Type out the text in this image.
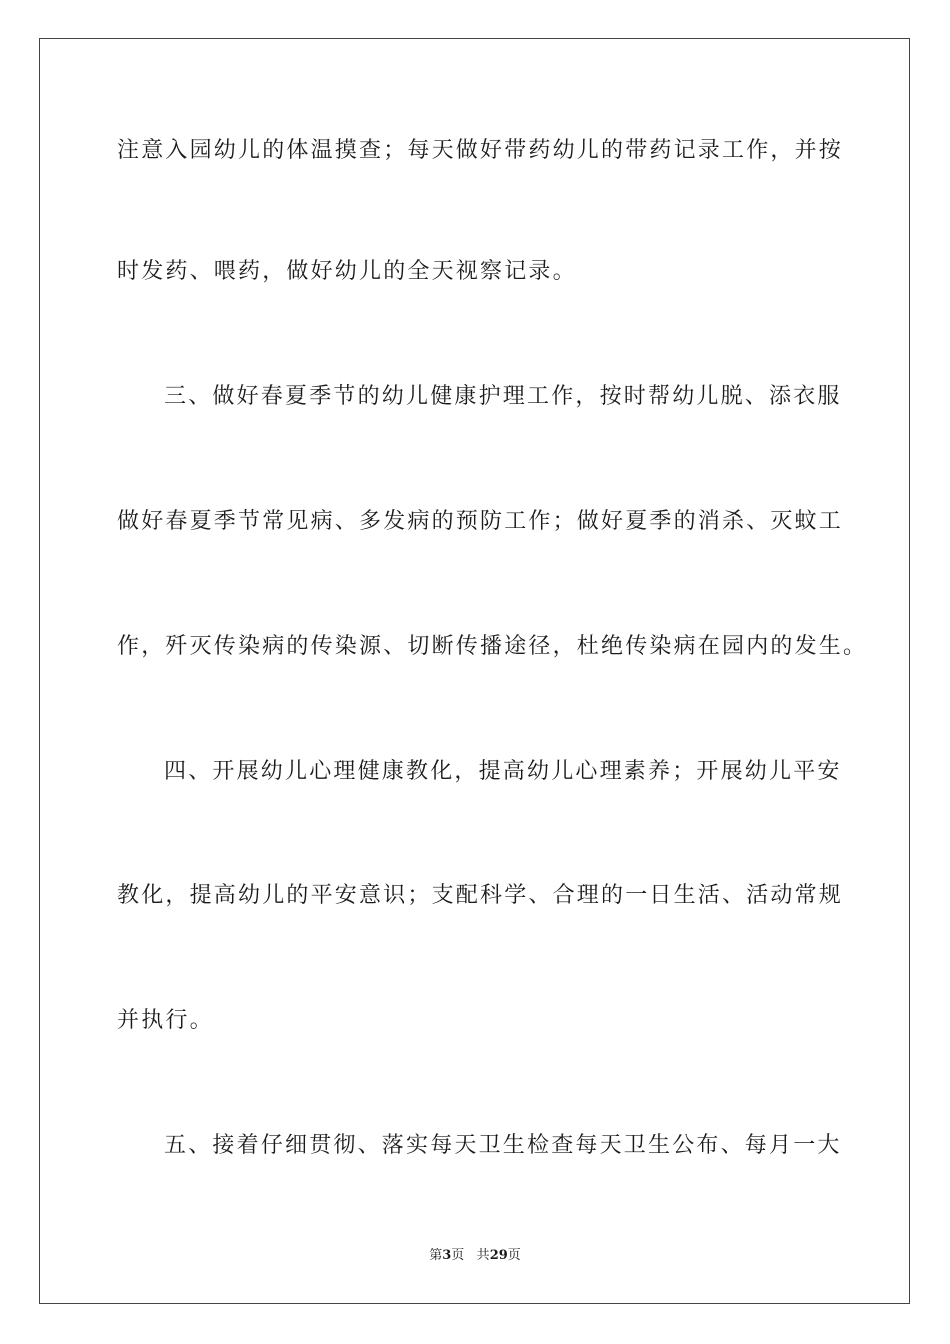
注意入园幼儿的体温摸查；每天做好带药幼儿的带药记录工作，并按
时发药、喂药，做好幼儿的全天视察记录。
三、做好春夏季节的幼儿健康护理工作，按时帮幼儿脱、添衣服
做好春夏季节常见病、多发病的预防工作；做好夏季的消杀、灭蚊工
作，歼灭传染病的传染源、切断传播途径，杜绝传染病在园内的发生。
四、开展幼儿心理健康教化，提高幼儿心理素养；开展幼儿平安
教化，提高幼儿的平安意识；支配科学、合理的一日生活、活动常规
并执行。
五、接着仔细贯彻、落实每天卫生检查每天卫生公布、每月一大
第3页 共29页
